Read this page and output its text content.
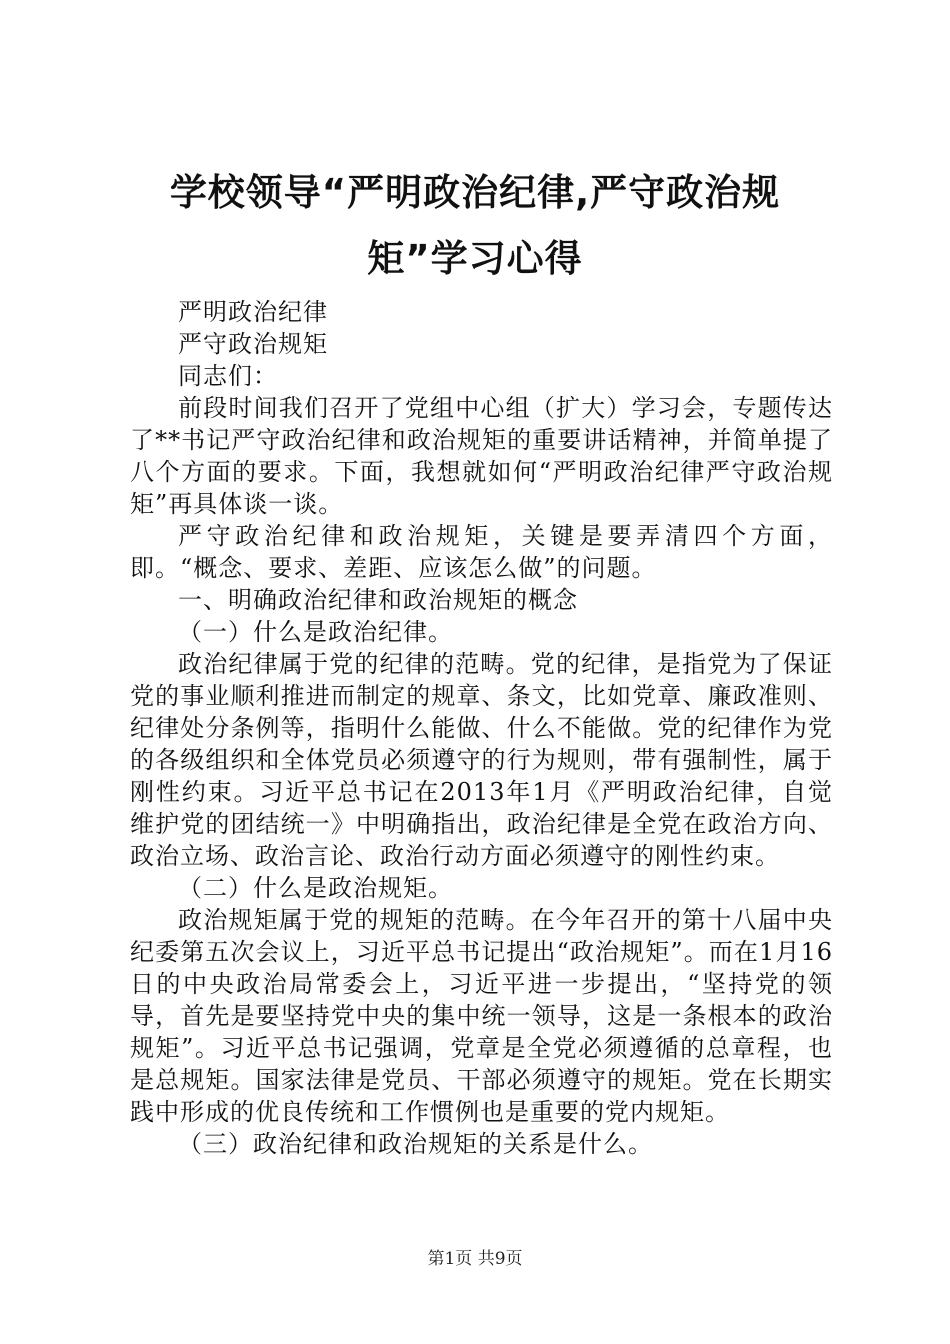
学校领导“严明政治纪律,严守政治规矩”学习心得

严明政治纪律

严守政治规矩

同志们：

前段时间我们召开了党组中心组（扩大）学习会，专题传达了**书记严守政治纪律和政治规矩的重要讲话精神，并简单提了八个方面的要求。下面，我想就如何“严明政治纪律严守政治规矩”再具体谈一谈。

严守政治纪律和政治规矩，关键是要弄清四个方面，即。“概念、要求、差距、应该怎么做”的问题。

一、明确政治纪律和政治规矩的概念

（一）什么是政治纪律。

政治纪律属于党的纪律的范畴。党的纪律，是指党为了保证党的事业顺利推进而制定的规章、条文，比如党章、廉政准则、纪律处分条例等，指明什么能做、什么不能做。党的纪律作为党的各级组织和全体党员必须遵守的行为规则，带有强制性，属于刚性约束。习近平总书记在2013年1月《严明政治纪律，自觉维护党的团结统一》中明确指出，政治纪律是全党在政治方向、政治立场、政治言论、政治行动方面必须遵守的刚性约束。

（二）什么是政治规矩。

政治规矩属于党的规矩的范畴。在今年召开的第十八届中央纪委第五次会议上，习近平总书记提出“政治规矩”。而在1月16日的中央政治局常委会上，习近平进一步提出，“坚持党的领导，首先是要坚持党中央的集中统一领导，这是一条根本的政治规矩”。习近平总书记强调，党章是全党必须遵循的总章程，也是总规矩。国家法律是党员、干部必须遵守的规矩。党在长期实践中形成的优良传统和工作惯例也是重要的党内规矩。

（三）政治纪律和政治规矩的关系是什么。

第1页 共9页
